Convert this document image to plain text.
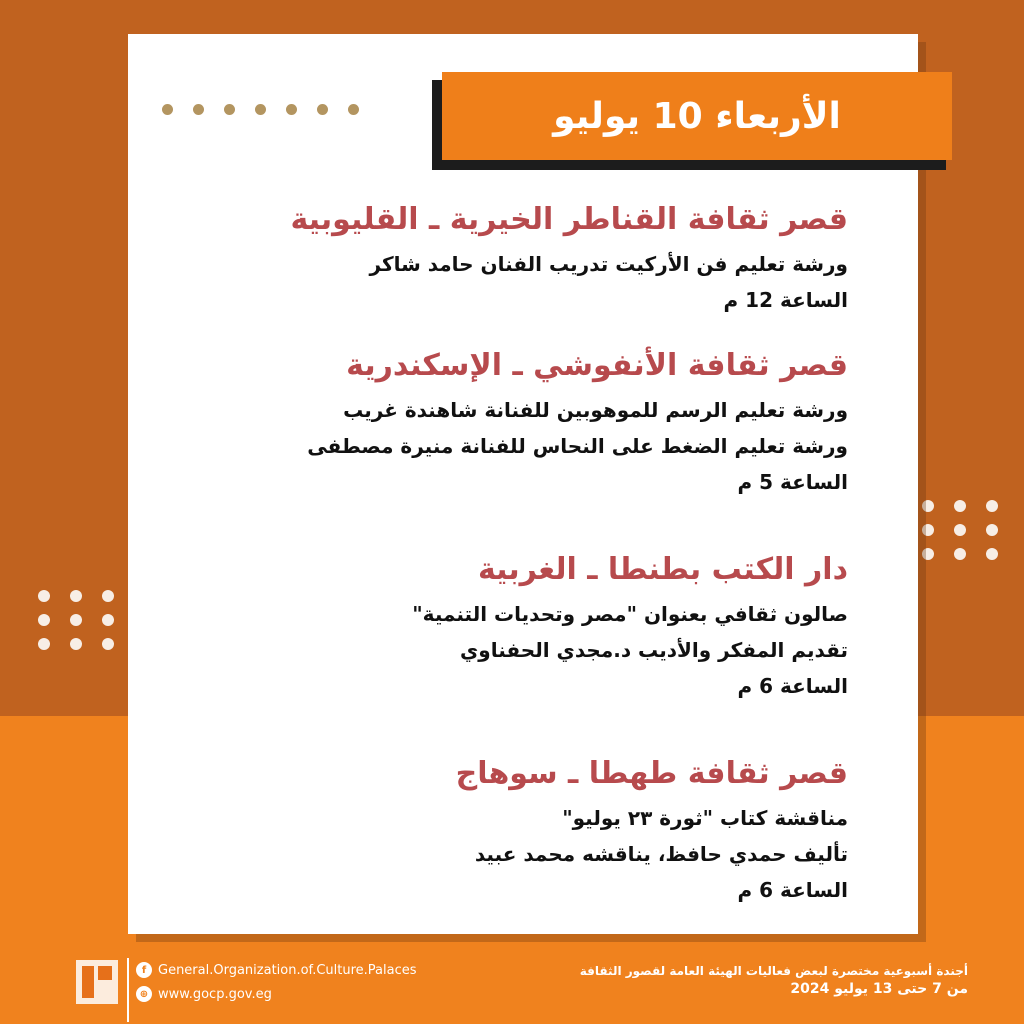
الأربعاء 10 يوليو
قصر ثقافة القناطر الخيرية ـ القليوبية
ورشة تعليم فن الأركيت تدريب الفنان حامد شاكر
الساعة 12 م
قصر ثقافة الأنفوشي ـ الإسكندرية
ورشة تعليم الرسم للموهوبين للفنانة شاهندة غريب
ورشة تعليم الضغط على النحاس للفنانة منيرة مصطفى
الساعة 5 م
دار الكتب بطنطا ـ الغربية
صالون ثقافي بعنوان "مصر وتحديات التنمية"
تقديم المفكر والأديب د.مجدي الحفناوي
الساعة 6 م
قصر ثقافة طهطا ـ سوهاج
مناقشة كتاب "ثورة ٢٣ يوليو"
تأليف حمدي حافظ، يناقشه محمد عبيد
الساعة 6 م
f General.Organization.of.Culture.Palaces
⊕ www.gocp.gov.eg
أجندة أسبوعية مختصرة لبعض فعاليات الهيئة العامة لقصور الثقافة
من 7 حتى 13 يوليو 2024
